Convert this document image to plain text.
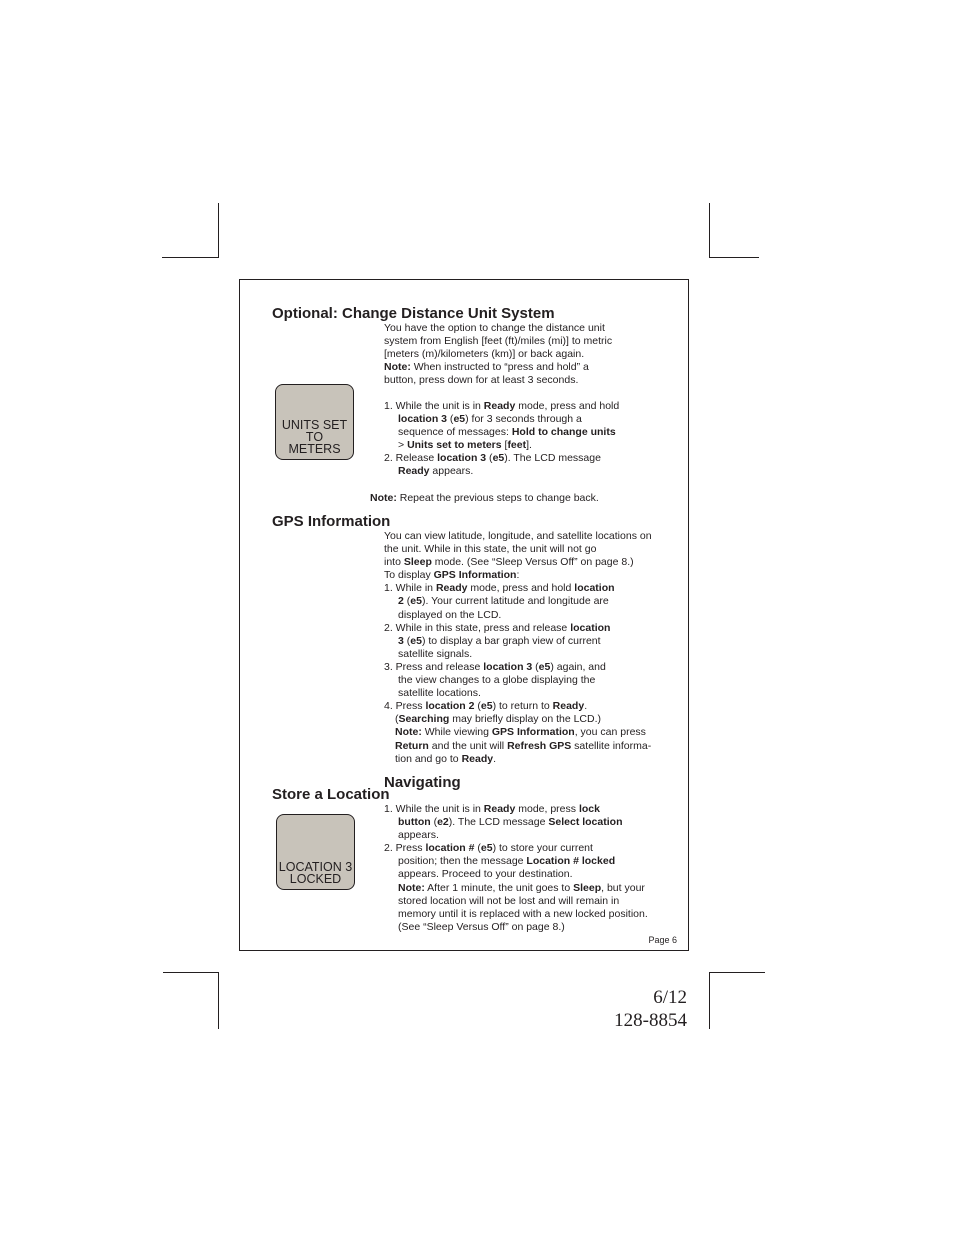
Optional: Change Distance Unit System
UNITS SET
TO
METERS

You have the option to change the distance unit

system from English [feet (ft)/miles (mi)] to metric

[meters (m)/kilometers (km)] or back again.

Note: When instructed to “press and hold” a

button, press down for at least 3 seconds.

1. While the unit is in Ready mode, press and hold

location 3 (e5) for 3 seconds through a

sequence of messages: Hold to change units

> Units set to meters [feet].

2. Release location 3 (e5). The LCD message

Ready appears.

Note: Repeat the previous steps to change back.

GPS Information

You can view latitude, longitude, and satellite locations on

the unit. While in this state, the unit will not go

into Sleep mode. (See “Sleep Versus Off” on page 8.)

To display GPS Information:

1. While in Ready mode, press and hold location

2 (e5). Your current latitude and longitude are

displayed on the LCD.

2. While in this state, press and release location

3 (e5) to display a bar graph view of current

satellite signals.

3. Press and release location 3 (e5) again, and

the view changes to a globe displaying the

satellite locations.

4. Press location 2 (e5) to return to Ready.

(Searching may briefly display on the LCD.)

Note: While viewing GPS Information, you can press

Return and the unit will Refresh GPS satellite informa-

tion and go to Ready.

Navigating
Store a Location
LOCATION 3
LOCKED

1. While the unit is in Ready mode, press lock

button (e2). The LCD message Select location

appears.

2. Press location # (e5) to store your current

position; then the message Location # locked

appears. Proceed to your destination.

Note: After 1 minute, the unit goes to Sleep, but your

stored location will not be lost and will remain in

memory until it is replaced with a new locked position.

(See “Sleep Versus Off” on page 8.)

Page 6
6/12
128-8854
